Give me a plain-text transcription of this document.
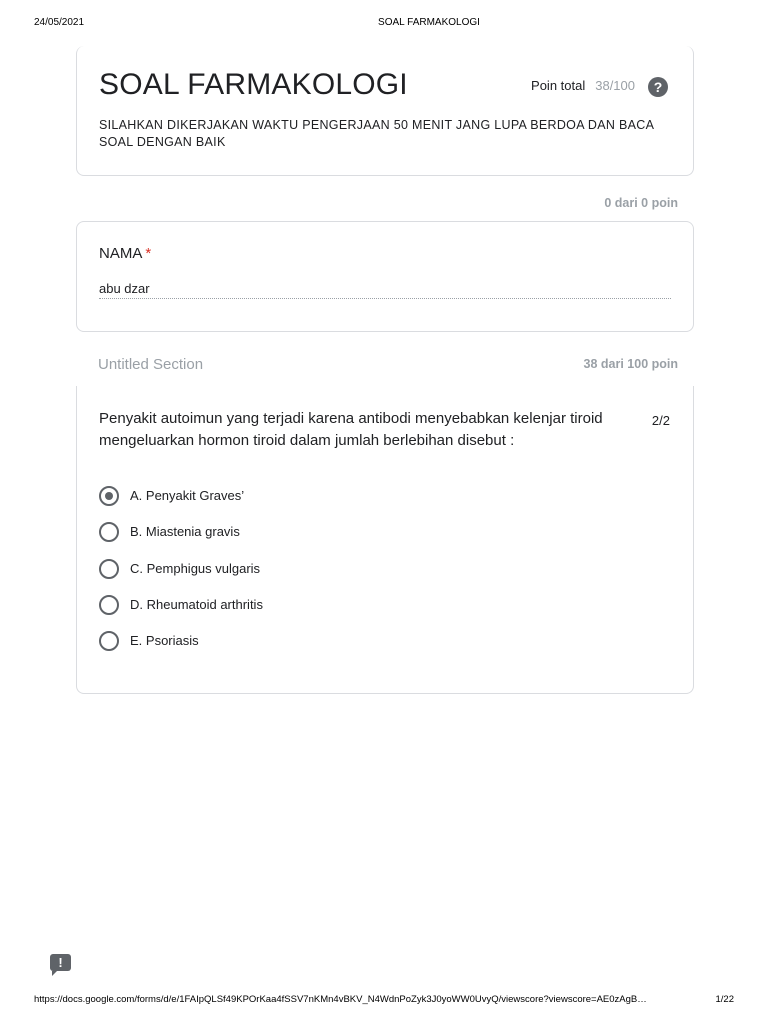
24/05/2021	SOAL FARMAKOLOGI
SOAL FARMAKOLOGI	Poin total 38/100	?
SILAHKAN DIKERJAKAN WAKTU PENGERJAAN 50 MENIT JANG LUPA BERDOA DAN BACA SOAL DENGAN BAIK
0 dari 0 poin
NAMA *
abu dzar
Untitled Section	38 dari 100 poin
Penyakit autoimun yang terjadi karena antibodi menyebabkan kelenjar tiroid mengeluarkan hormon tiroid dalam jumlah berlebihan disebut :
2/2
A. Penyakit Graves’
B. Miastenia gravis
C. Pemphigus vulgaris
D. Rheumatoid arthritis
E. Psoriasis
!
https://docs.google.com/forms/d/e/1FAIpQLSf49KPOrKaa4fSSV7nKMn4vBKV_N4WdnPoZyk3J0yoWW0UvyQ/viewscore?viewscore=AE0zAgB…	1/22
